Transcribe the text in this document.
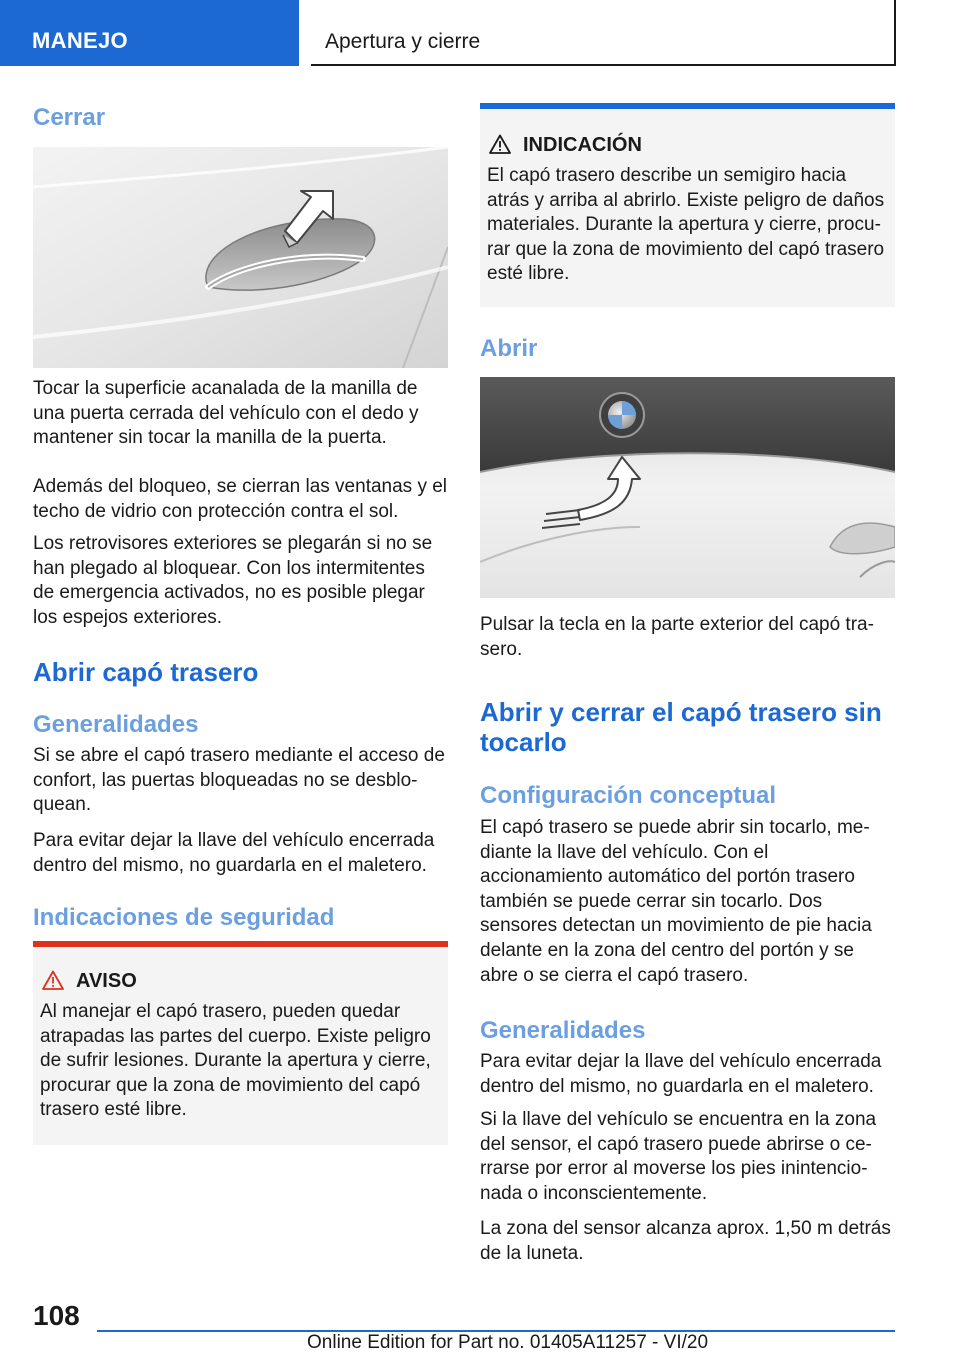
MANEJO	Apertura y cierre
Cerrar
Tocar la superficie acanalada de la manilla de una puerta cerrada del vehículo con el dedo y mantener sin tocar la manilla de la puerta.
Además del bloqueo, se cierran las ventanas y el techo de vidrio con protección contra el sol.
Los retrovisores exteriores se plegarán si no se han plegado al bloquear. Con los intermitentes de emergencia activados, no es posible plegar los espejos exteriores.
Abrir capó trasero
Generalidades
Si se abre el capó trasero mediante el acceso de confort, las puertas bloqueadas no se desbloquean.
Para evitar dejar la llave del vehículo encerrada dentro del mismo, no guardarla en el maletero.
Indicaciones de seguridad
AVISO
Al manejar el capó trasero, pueden quedar atrapadas las partes del cuerpo. Existe peligro de sufrir lesiones. Durante la apertura y cierre, procurar que la zona de movimiento del capó trasero esté libre.
INDICACIÓN
El capó trasero describe un semigiro hacia atrás y arriba al abrirlo. Existe peligro de daños materiales. Durante la apertura y cierre, procurar que la zona de movimiento del capó trasero esté libre.
Abrir
Pulsar la tecla en la parte exterior del capó trasero.
Abrir y cerrar el capó trasero sin
tocarlo
Configuración conceptual
El capó trasero se puede abrir sin tocarlo, mediante la llave del vehículo. Con el accionamiento automático del portón trasero también se puede cerrar sin tocarlo. Dos sensores detectan un movimiento de pie hacia delante en la zona del centro del portón y se abre o se cierra el capó trasero.
Generalidades
Para evitar dejar la llave del vehículo encerrada dentro del mismo, no guardarla en el maletero.
Si la llave del vehículo se encuentra en la zona del sensor, el capó trasero puede abrirse o cerrarse por error al moverse los pies inintencionada o inconscientemente.
La zona del sensor alcanza aprox. 1,50 m detrás de la luneta.
108
Online Edition for Part no. 01405A11257 - VI/20
